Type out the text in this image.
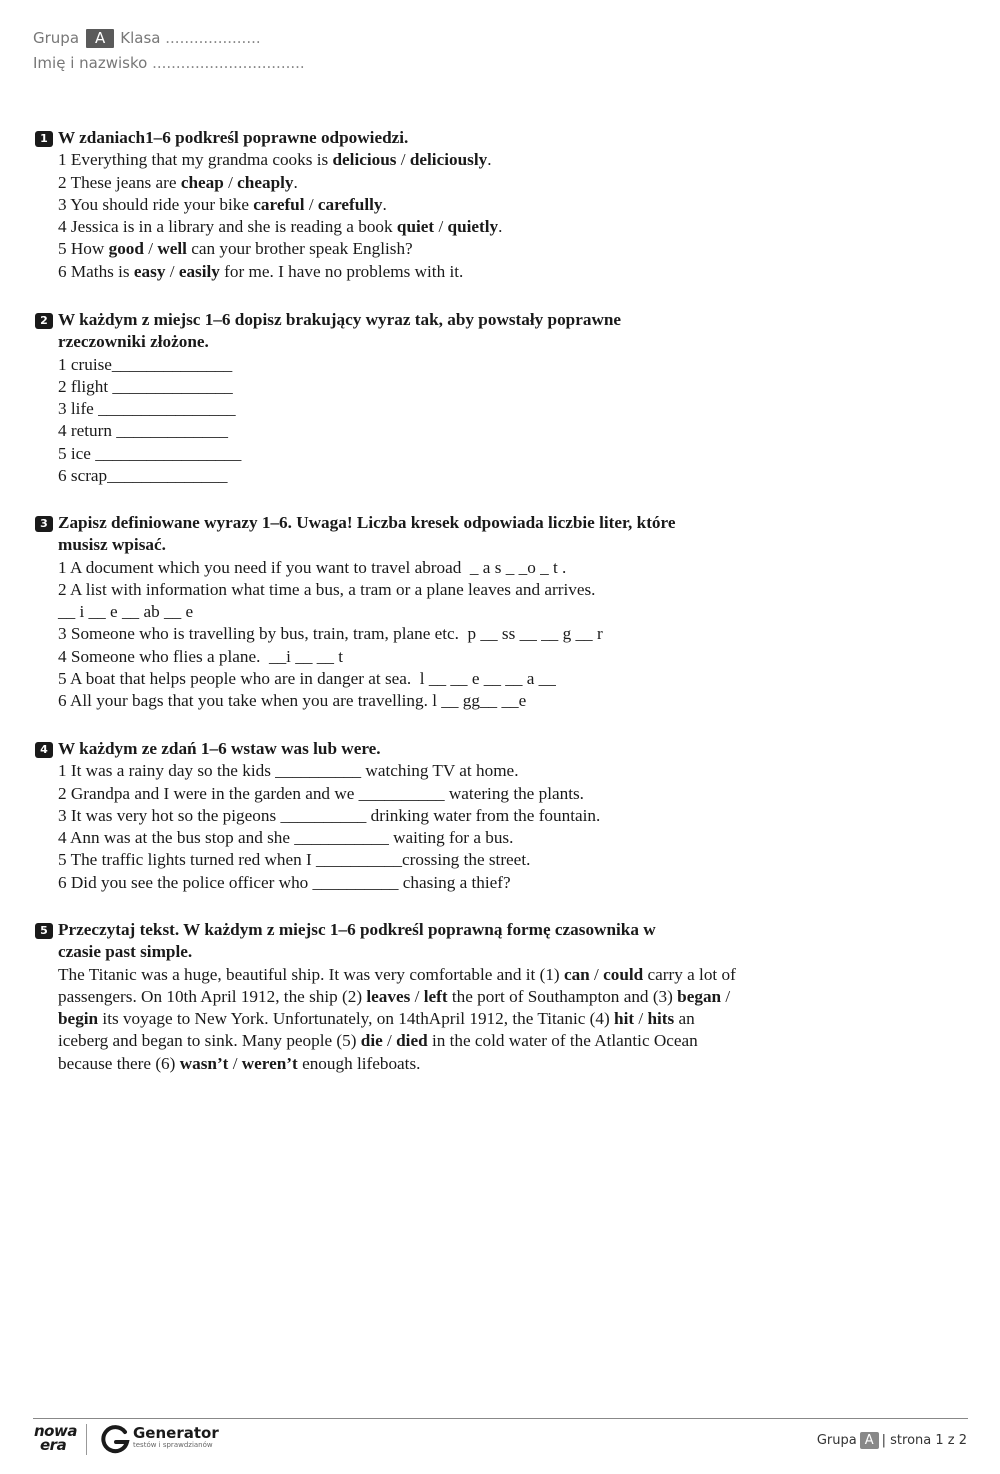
Grupa A Klasa ....................
Imię i nazwisko ................................
1 W zdaniach1–6 podkreśl poprawne odpowiedzi.
1 Everything that my grandma cooks is delicious / deliciously.
2 These jeans are cheap / cheaply.
3 You should ride your bike careful / carefully.
4 Jessica is in a library and she is reading a book quiet / quietly.
5 How good / well can your brother speak English?
6 Maths is easy / easily for me. I have no problems with it.
2 W każdym z miejsc 1–6 dopisz brakujący wyraz tak, aby powstały poprawne
rzeczowniki złożone.
1 cruise______________
2 flight ______________
3 life ________________
4 return _____________
5 ice _________________
6 scrap______________
3 Zapisz definiowane wyrazy 1–6. Uwaga! Liczba kresek odpowiada liczbie liter, które
musisz wpisać.
1 A document which you need if you want to travel abroad  _ a s _ _o _ t .
2 A list with information what time a bus, a tram or a plane leaves and arrives.
__ i __ e __ ab __ e
3 Someone who is travelling by bus, train, tram, plane etc.  p __ ss __ __ g __ r
4 Someone who flies a plane.  __i __ __ t
5 A boat that helps people who are in danger at sea.  l __ __ e __ __ a __
6 All your bags that you take when you are travelling. l __ gg__ __e
4 W każdym ze zdań 1–6 wstaw was lub were.
1 It was a rainy day so the kids __________ watching TV at home.
2 Grandpa and I were in the garden and we __________ watering the plants.
3 It was very hot so the pigeons __________ drinking water from the fountain.
4 Ann was at the bus stop and she ___________ waiting for a bus.
5 The traffic lights turned red when I __________crossing the street.
6 Did you see the police officer who __________ chasing a thief?
5 Przeczytaj tekst. W każdym z miejsc 1–6 podkreśl poprawną formę czasownika w
czasie past simple.
The Titanic was a huge, beautiful ship. It was very comfortable and it (1) can / could carry a lot of passengers. On 10th April 1912, the ship (2) leaves / left the port of Southampton and (3) began / begin its voyage to New York. Unfortunately, on 14thApril 1912, the Titanic (4) hit / hits an iceberg and began to sink. Many people (5) die / died in the cold water of the Atlantic Ocean because there (6) wasn’t / weren’t enough lifeboats.
nowa
era
Generator
testów i sprawdzianów	Grupa A | strona 1 z 2
